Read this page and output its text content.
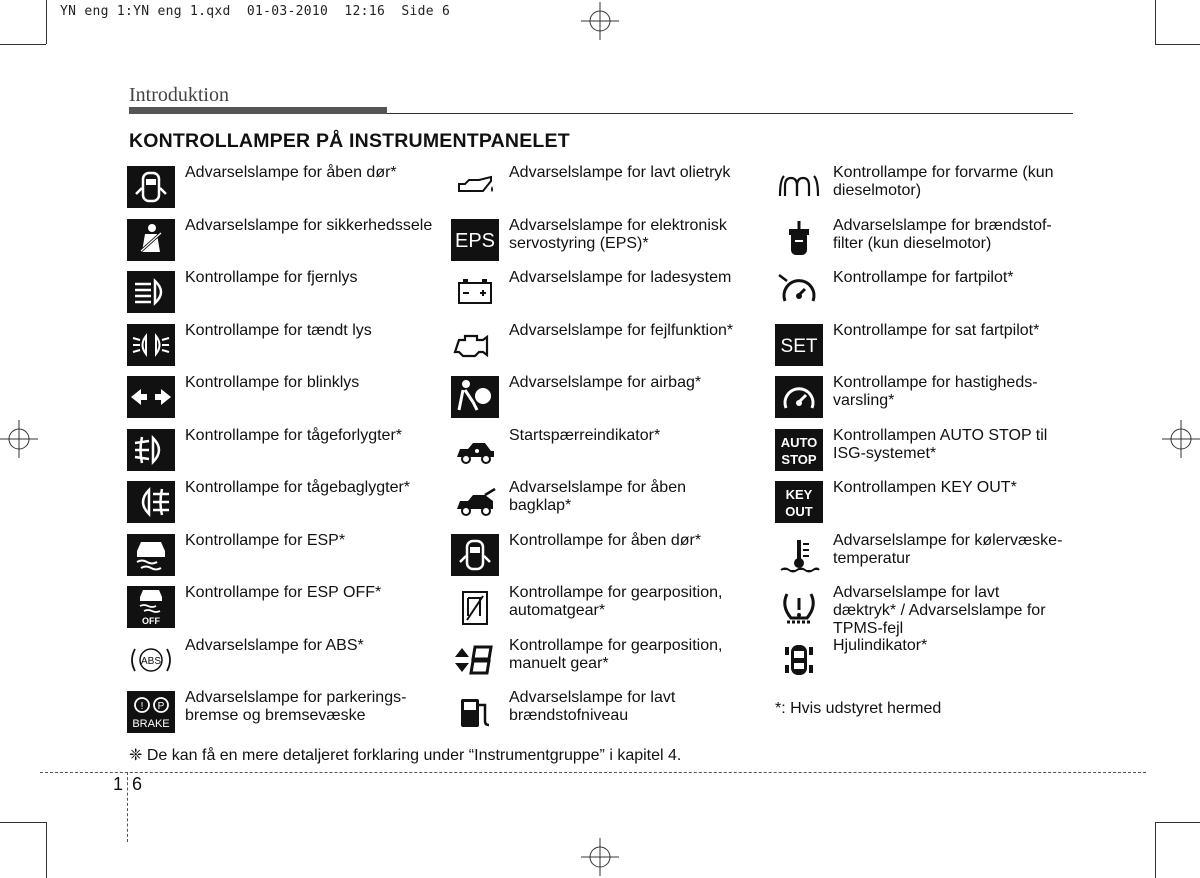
YN eng 1:YN eng 1.qxd  01-03-2010  12:16  Side 6
Introduktion
KONTROLLAMPER PÅ INSTRUMENTPANELET
Advarselslampe for åben dør*
Advarselslampe for sikkerhedssele
Kontrollampe for fjernlys
Kontrollampe for tændt lys
Kontrollampe for blinklys
Kontrollampe for tågeforlygter*
Kontrollampe for tågebaglygter*
Kontrollampe for ESP*
OFF
Kontrollampe for ESP OFF*
ABS
Advarselslampe for ABS*
! P
BRAKE
Advarselslampe for parkerings-
bremse og bremsevæske
Advarselslampe for lavt olietryk
EPS
Advarselslampe for elektronisk
servostyring (EPS)*
Advarselslampe for ladesystem
Advarselslampe for fejlfunktion*
Advarselslampe for airbag*
Startspærreindikator*
Advarselslampe for åben
bagklap*
Kontrollampe for åben dør*
Kontrollampe for gearposition,
automatgear*
Kontrollampe for gearposition,
manuelt gear*
Advarselslampe for lavt
brændstofniveau
Kontrollampe for forvarme (kun
dieselmotor)
Advarselslampe for brændstof-
filter (kun dieselmotor)
Kontrollampe for fartpilot*
SET
Kontrollampe for sat fartpilot*
Kontrollampe for hastigheds-
varsling*
AUTO
STOP
Kontrollampen AUTO STOP til
ISG-systemet*
KEY
OUT
Kontrollampen KEY OUT*
Advarselslampe for kølervæske-
temperatur
Advarselslampe for lavt
dæktryk* / Advarselslampe for
TPMS-fejl
Hjulindikator*
*: Hvis udstyret hermed
❈ De kan få en mere detaljeret forklaring under “Instrumentgruppe” i kapitel 4.
1 6
